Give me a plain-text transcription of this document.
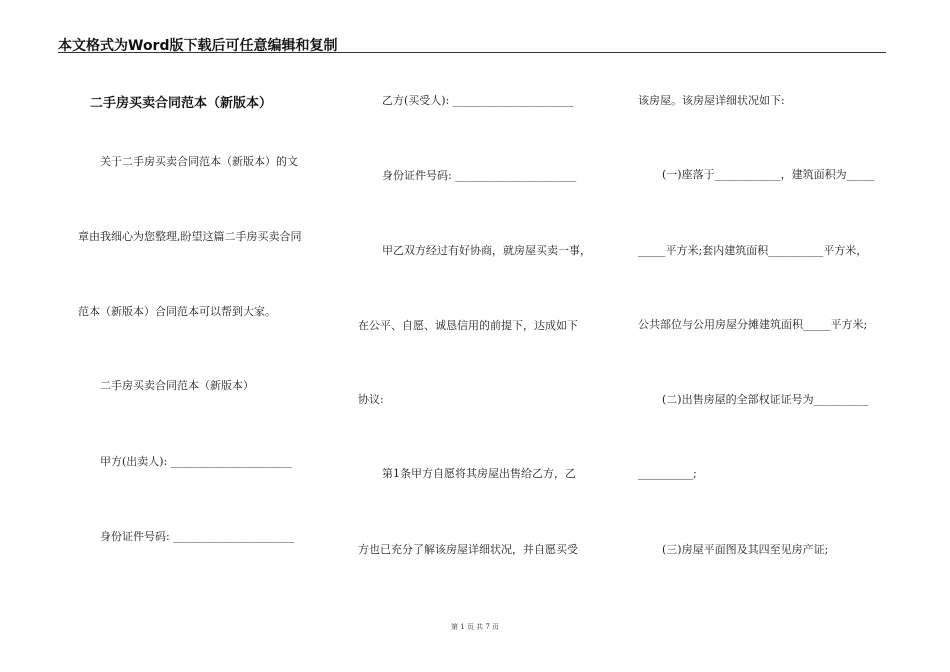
本文格式为Word版下载后可任意编辑和复制
二手房买卖合同范本（新版本）
关于二手房买卖合同范本（新版本）的文
章由我细心为您整理,盼望这篇二手房买卖合同
范本（新版本）合同范本可以帮到大家。
二手房买卖合同范本（新版本）
甲方(出卖人): ______________________
身份证件号码: ______________________
乙方(买受人): ______________________
身份证件号码: ______________________
甲乙双方经过有好协商，就房屋买卖一事，
在公平、自愿、诚恳信用的前提下，达成如下
协议:
第1条甲方自愿将其房屋出售给乙方，乙
方也已充分了解该房屋详细状况，并自愿买受
该房屋。该房屋详细状况如下:
(一)座落于____________，建筑面积为_____
_____平方米;套内建筑面积__________平方米，
公共部位与公用房屋分摊建筑面积_____平方米;
(二)出售房屋的全部权证证号为__________
__________;
(三)房屋平面图及其四至见房产证;
第 1 页 共 7 页
